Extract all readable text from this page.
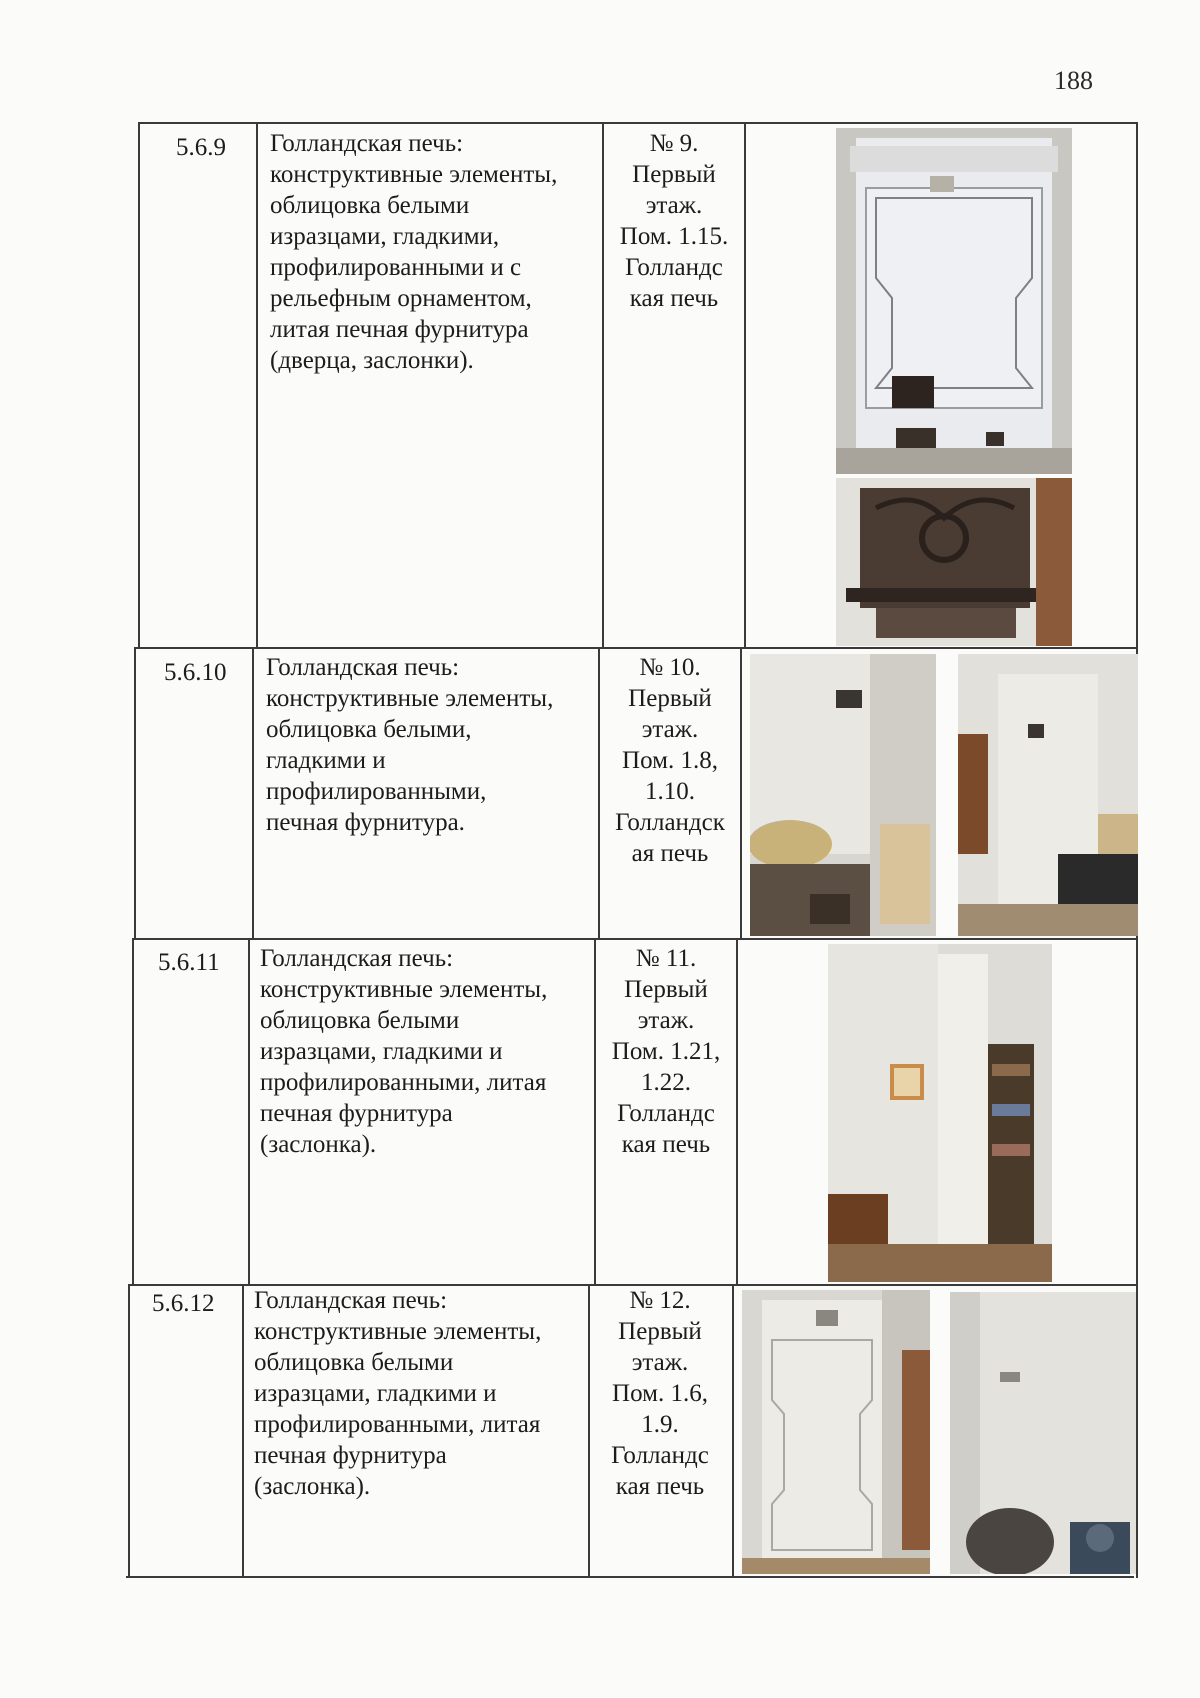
188
5.6.9 Голландская печь:
конструктивные элементы,
облицовка белыми
изразцами, гладкими,
профилированными и с
рельефным орнаментом,
литая печная фурнитура
(дверца, заслонки).
№ 9.
Первый
этаж.
Пом. 1.15.
Голландс
кая печь
5.6.10 Голландская печь:
конструктивные элементы,
облицовка белыми,
гладкими и
профилированными,
печная фурнитура.
№ 10.
Первый
этаж.
Пом. 1.8,
1.10.
Голландск
ая печь
5.6.11 Голландская печь:
конструктивные элементы,
облицовка белыми
изразцами, гладкими и
профилированными, литая
печная фурнитура
(заслонка).
№ 11.
Первый
этаж.
Пом. 1.21,
1.22.
Голландс
кая печь
5.6.12 Голландская печь:
конструктивные элементы,
облицовка белыми
изразцами, гладкими и
профилированными, литая
печная фурнитура
(заслонка).
№ 12.
Первый
этаж.
Пом. 1.6,
1.9.
Голландс
кая печь
